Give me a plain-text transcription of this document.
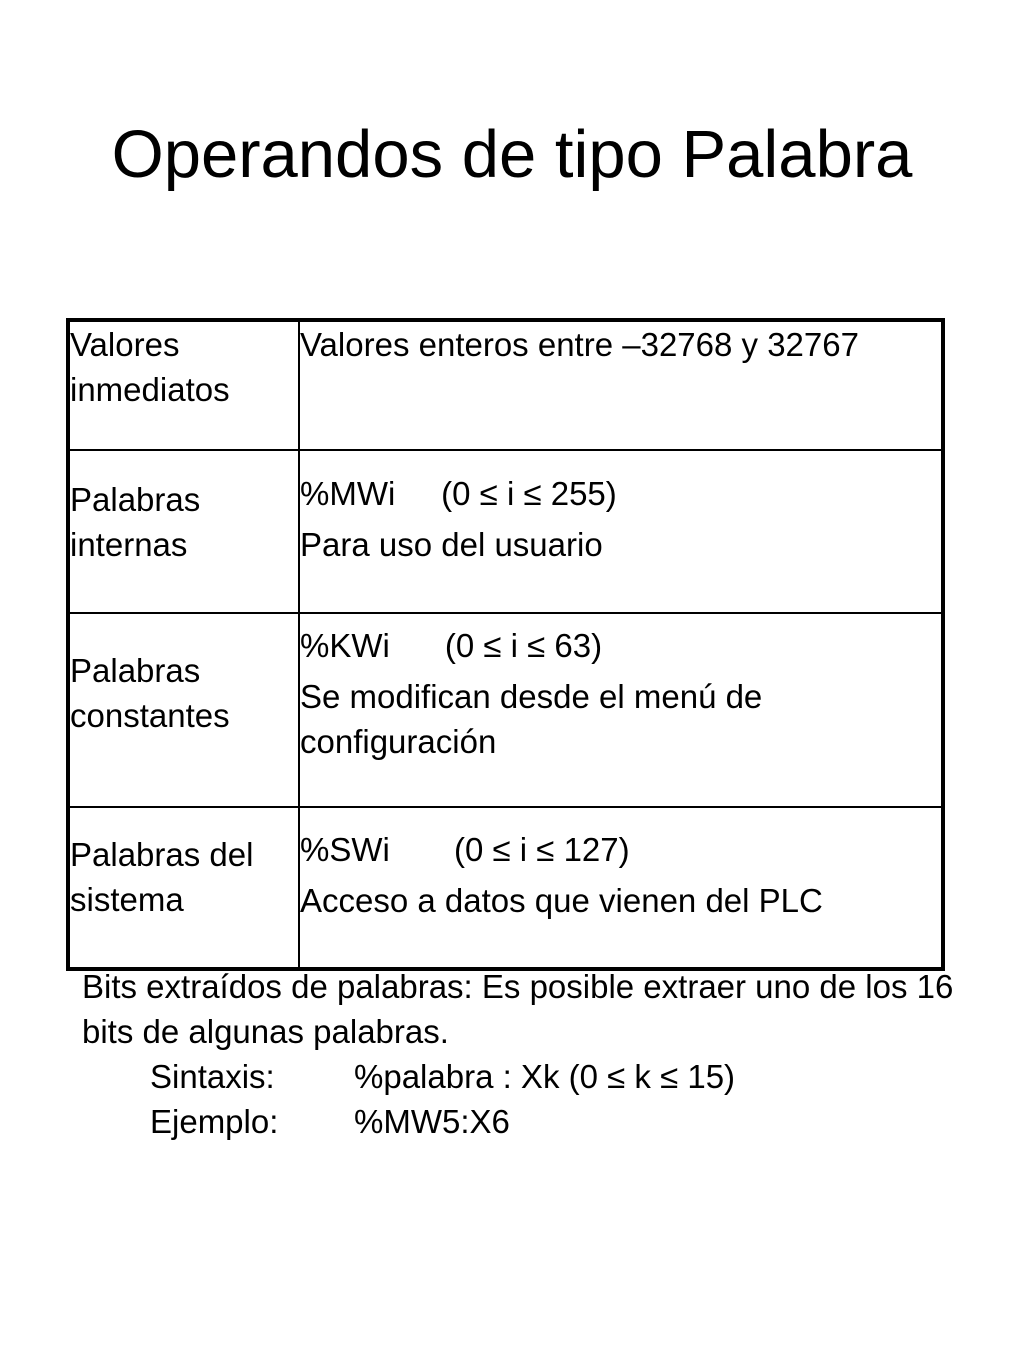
Operandos de tipo Palabra
Valores inmediatos	Valores enteros entre –32768 y 32767

Palabras internas	%MWi     (0 ≤ i ≤ 255)
Para uso del usuario

Palabras constantes	%KWi      (0 ≤ i ≤ 63)
Se modifican desde el menú de configuración

Palabras del sistema	%SWi       (0 ≤ i ≤ 127)
Acceso a datos que vienen del PLC

Bits extraídos de palabras: Es posible extraer uno de los 16 bits de algunas palabras.

Sintaxis:	%palabra : Xk (0 ≤ k ≤ 15)
Ejemplo:	%MW5:X6
